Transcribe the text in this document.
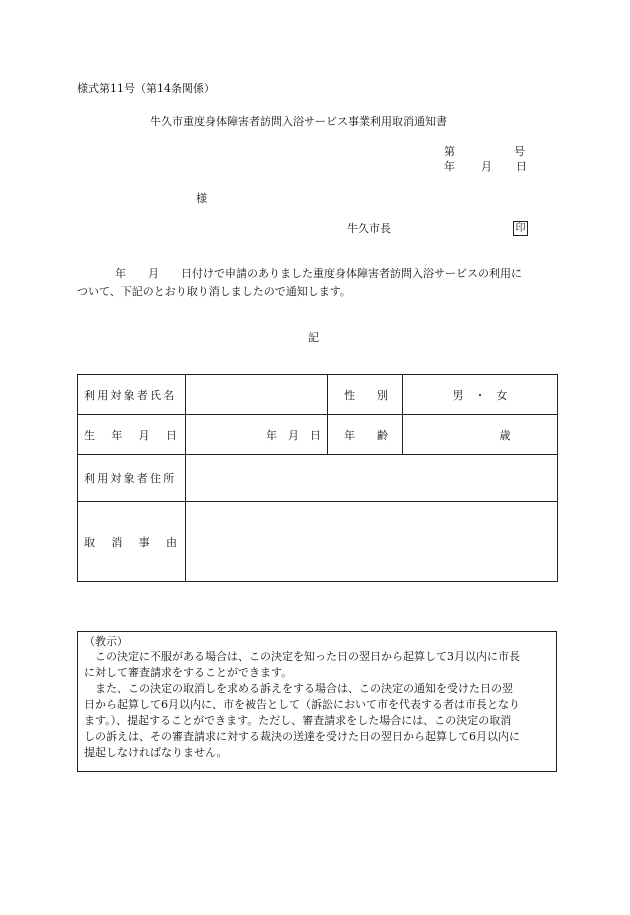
様式第11号（第14条関係）
牛久市重度身体障害者訪問入浴サービス事業利用取消通知書
第	号
年 月 日
様
牛久市長	印
年　　月　　日付けで申請のありました重度身体障害者訪問入浴サービスの利用に
ついて、下記のとおり取り消しましたので通知します。
記
利用対象者氏名		性 別	男　・　女

生 年 月 日	年　月　日	年 齢	歳
利用対象者住所			

取 消 事 由			

（教示）
　この決定に不服がある場合は、この決定を知った日の翌日から起算して3月以内に市長
に対して審査請求をすることができます。
　また、この決定の取消しを求める訴えをする場合は、この決定の通知を受けた日の翌
日から起算して6月以内に、市を被告として（訴訟において市を代表する者は市長となり
ます。）、提起することができます。ただし、審査請求をした場合には、この決定の取消
しの訴えは、その審査請求に対する裁決の送達を受けた日の翌日から起算して6月以内に
提起しなければなりません。
